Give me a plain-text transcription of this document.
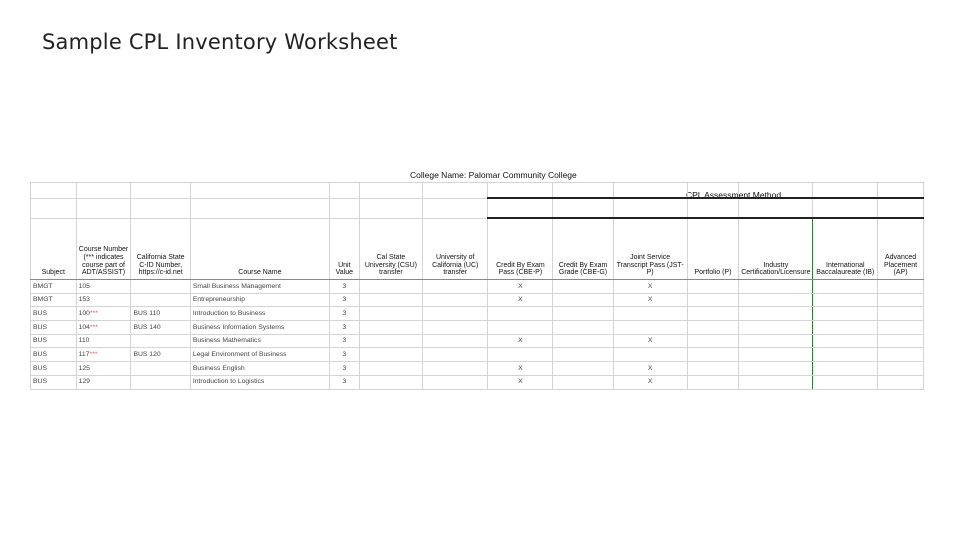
Sample CPL Inventory Worksheet
College Name: Palomar Community College
CPL Assessment Method

Subject	Course Number (*** indicates course part of ADT/ASSIST)	California State C-ID Number, https://c-id.net	Course Name	Unit Value	Cal State University (CSU) transfer	University of California (UC) transfer	Credit By Exam Pass (CBE-P)	Credit By Exam Grade (CBE-G)	Joint Service Transcript Pass (JST-P)	Portfolio (P)	Industry Certification/Licensure	International Baccalaureate (IB)	Advanced Placement (AP)
BMGT	105		Small Business Management	3			X		X				
BMGT	153		Entrepreneurship	3			X		X				
BUS	100***	BUS 110	Introduction to Business	3									
BUS	104***	BUS 140	Business Information Systems	3									
BUS	110		Business Mathematics	3			X		X				
BUS	117***	BUS 120	Legal Environment of Business	3									
BUS	125		Business English	3			X		X				
BUS	129		Introduction to Logistics	3			X		X				
